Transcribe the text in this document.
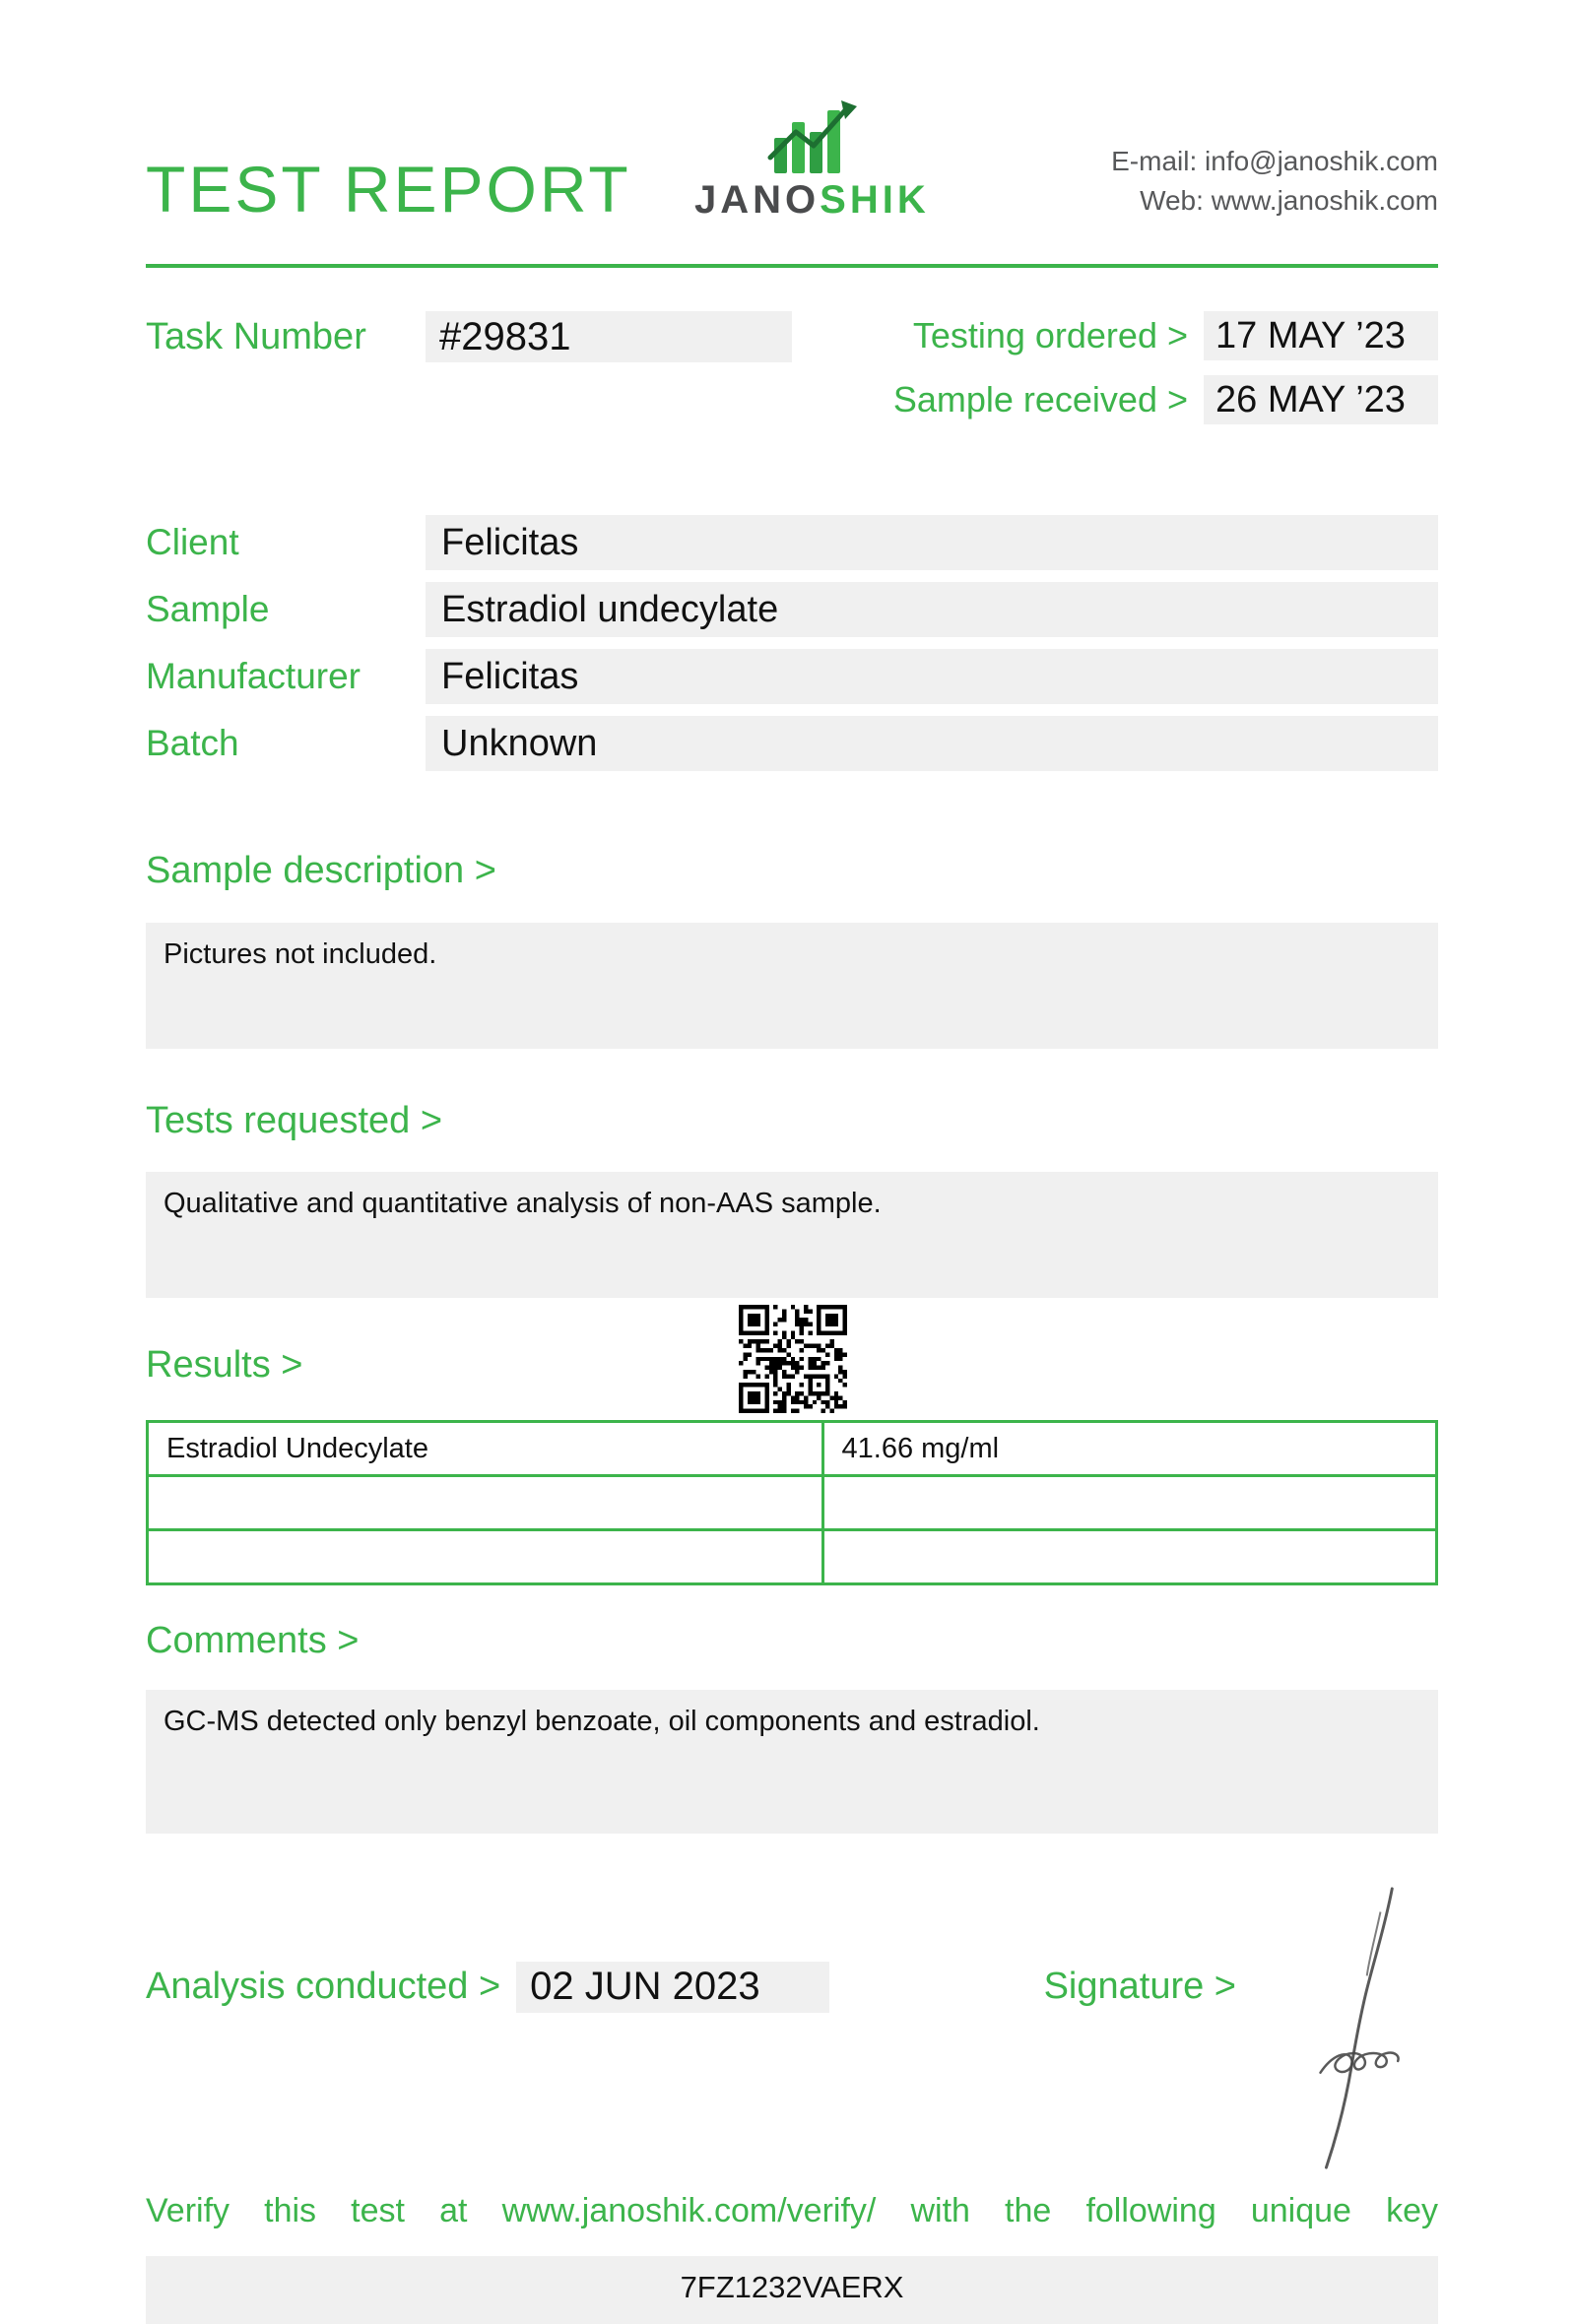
TEST REPORT JANOSHIK
E-mail: info@janoshik.com
Web: www.janoshik.com
Task Number	#29831	Testing ordered > 17 MAY ’23
Sample received > 26 MAY ’23
Client	Felicitas
Sample	Estradiol undecylate
Manufacturer	Felicitas
Batch	Unknown
Sample description >
Pictures not included.
Tests requested >
Qualitative and quantitative analysis of non-AAS sample.
Results >
Estradiol Undecylate	41.66 mg/ml

Comments >
GC-MS detected only benzyl benzoate, oil components and estradiol.
Analysis conducted > 02 JUN 2023	Signature >
Verify this test at www.janoshik.com/verify/ with the following unique key
7FZ1232VAERX
